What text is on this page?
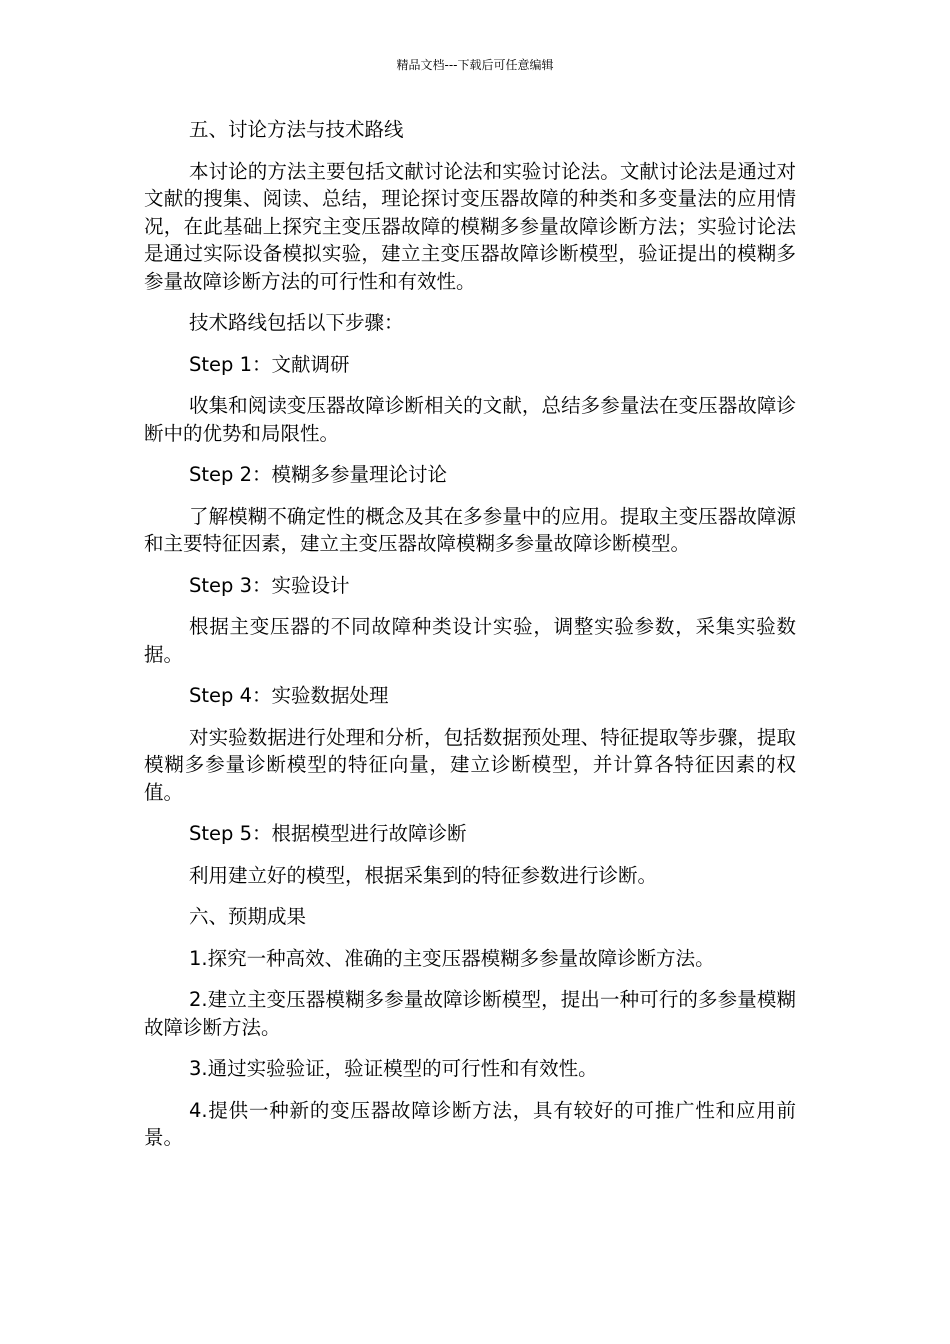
精品文档---下载后可任意编辑

五、讨论方法与技术路线

本讨论的方法主要包括文献讨论法和实验讨论法。文献讨论法是通过对文献的搜集、阅读、总结，理论探讨变压器故障的种类和多变量法的应用情况，在此基础上探究主变压器故障的模糊多参量故障诊断方法；实验讨论法是通过实际设备模拟实验，建立主变压器故障诊断模型，验证提出的模糊多参量故障诊断方法的可行性和有效性。

技术路线包括以下步骤：

Step 1：文献调研

收集和阅读变压器故障诊断相关的文献，总结多参量法在变压器故障诊断中的优势和局限性。

Step 2：模糊多参量理论讨论

了解模糊不确定性的概念及其在多参量中的应用。提取主变压器故障源和主要特征因素，建立主变压器故障模糊多参量故障诊断模型。

Step 3：实验设计

根据主变压器的不同故障种类设计实验，调整实验参数，采集实验数据。

Step 4：实验数据处理

对实验数据进行处理和分析，包括数据预处理、特征提取等步骤，提取模糊多参量诊断模型的特征向量，建立诊断模型，并计算各特征因素的权值。

Step 5：根据模型进行故障诊断

利用建立好的模型，根据采集到的特征参数进行诊断。

六、预期成果

1.探究一种高效、准确的主变压器模糊多参量故障诊断方法。

2.建立主变压器模糊多参量故障诊断模型，提出一种可行的多参量模糊故障诊断方法。

3.通过实验验证，验证模型的可行性和有效性。

4.提供一种新的变压器故障诊断方法，具有较好的可推广性和应用前景。
